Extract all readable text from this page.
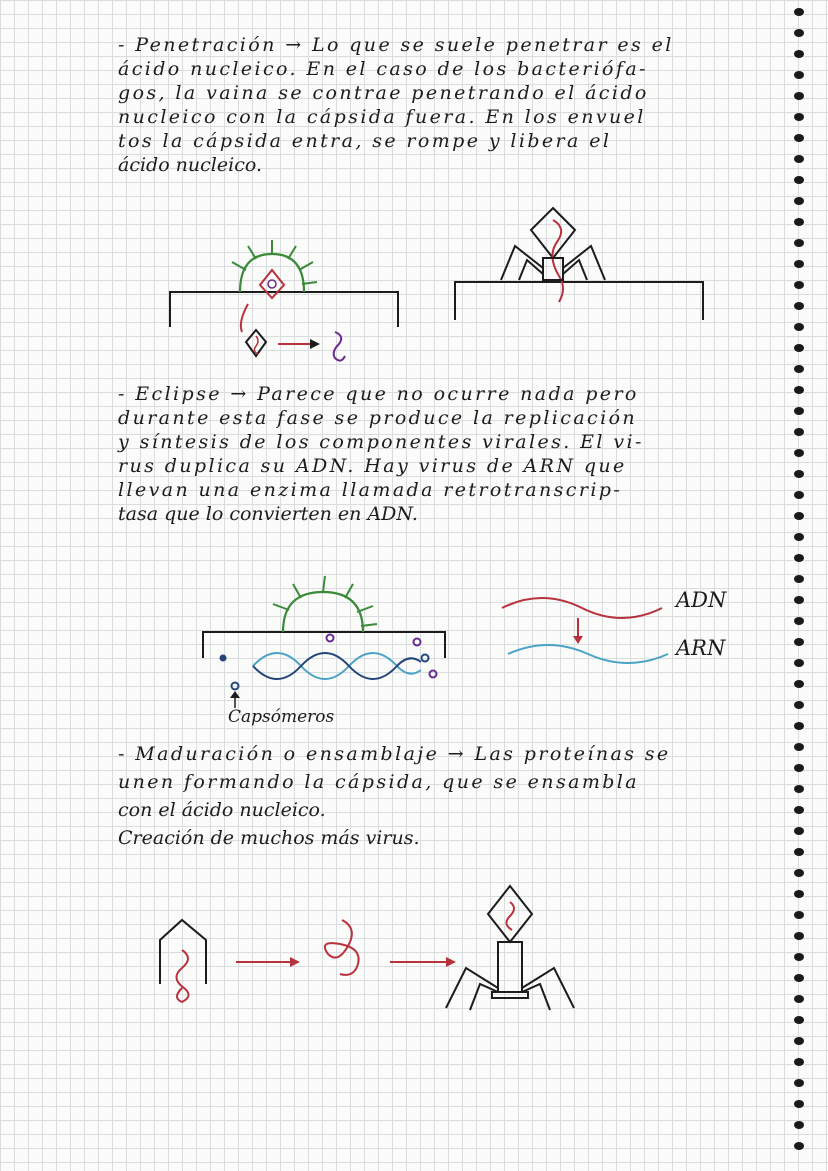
- Penetración → Lo que se suele penetrar es el
ácido nucleico. En el caso de los bacteriófa-
gos, la vaina se contrae penetrando el ácido
nucleico con la cápsida fuera. En los envuel
tos la cápsida entra, se rompe y libera el
ácido nucleico.
- Eclipse → Parece que no ocurre nada pero
durante esta fase se produce la replicación
y síntesis de los componentes virales. El vi-
rus duplica su ADN. Hay virus de ARN que
llevan una enzima llamada retrotranscrip-
tasa que lo convierten en ADN.
Capsómeros
ADN
ARN
- Maduración o ensamblaje → Las proteínas se
unen formando la cápsida, que se ensambla
con el ácido nucleico.
Creación de muchos más virus.
